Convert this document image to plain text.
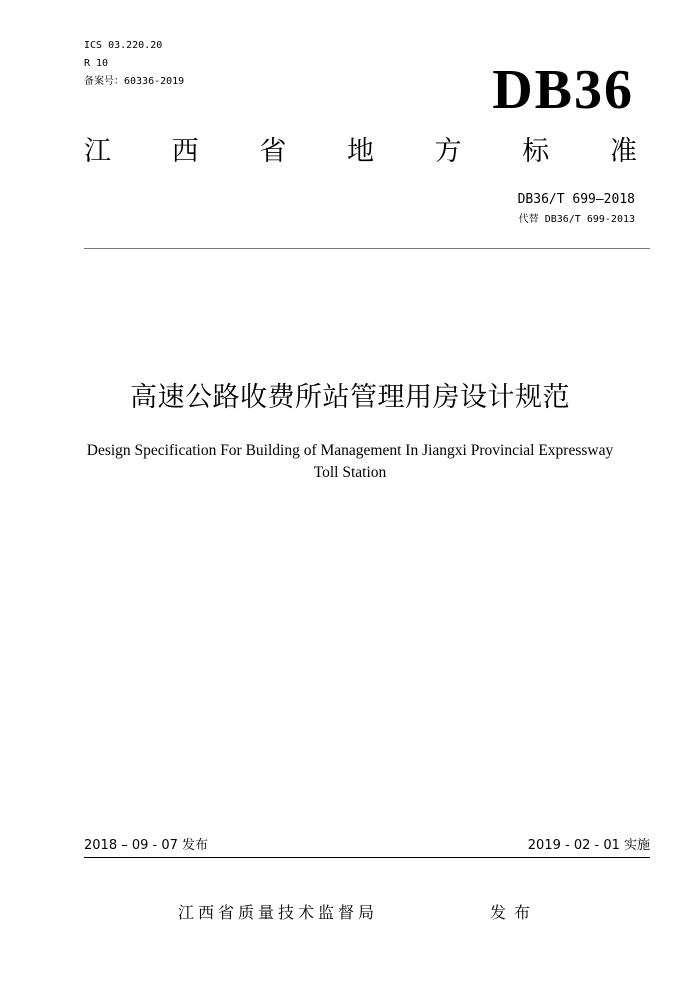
ICS 03.220.20
R 10
备案号：60336-2019	DB36
江 西 省 地 方 标 准
DB36/T 699—2018
代替 DB36/T 699-2013
高速公路收费所站管理用房设计规范
Design Specification For Building of Management In Jiangxi Provincial Expressway
Toll Station
2018 – 09 - 07 发布	2019 - 02 - 01 实施
江西省质量技术监督局	发布
